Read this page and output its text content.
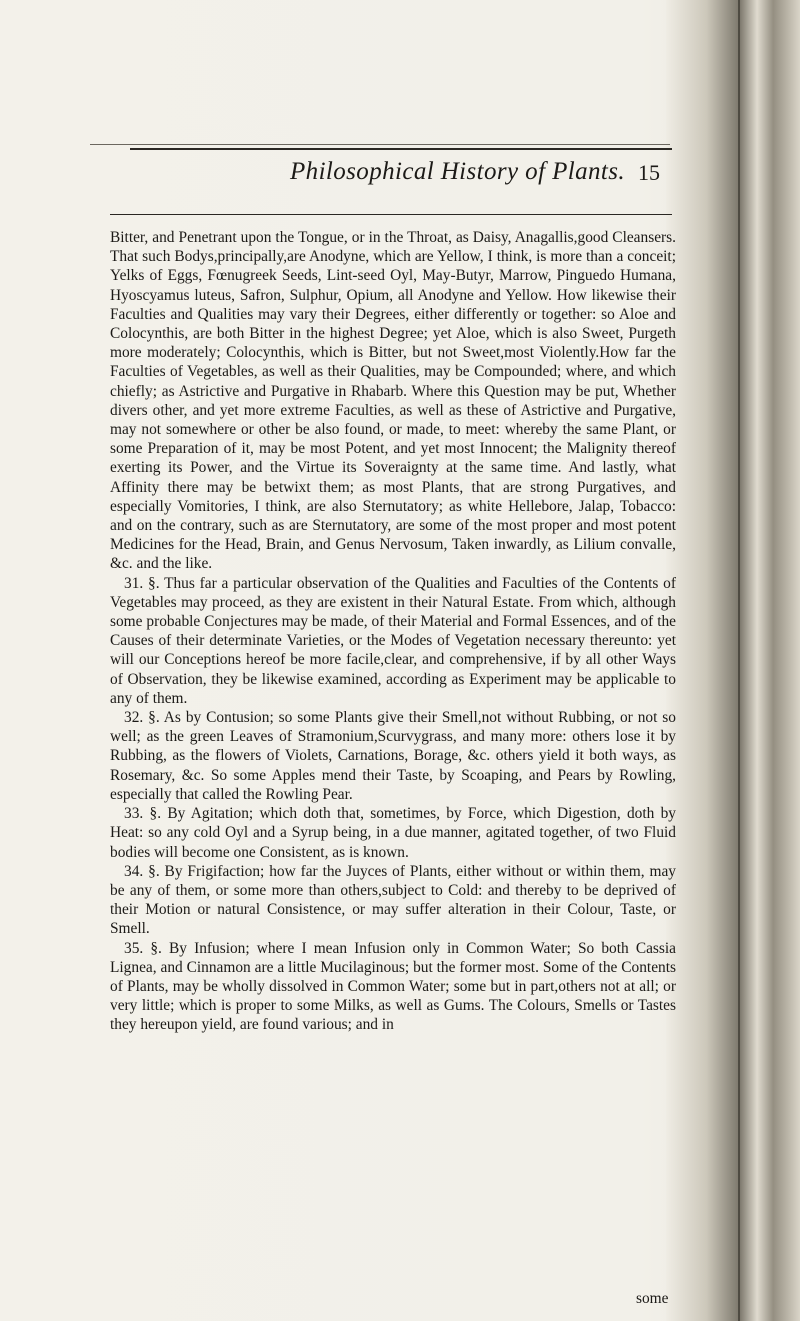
Philosophical History of Plants. 15

Bitter, and Penetrant upon the Tongue, or in the Throat, as Daisy, Anagallis,good Cleansers. That such Bodys,principally,are Anodyne, which are Yellow, I think, is more than a conceit; Yelks of Eggs, Fœnugreek Seeds, Lint-seed Oyl, May-Butyr, Marrow, Pinguedo Humana, Hyoscyamus luteus, Safron, Sulphur, Opium, all Anodyne and Yellow. How likewise their Faculties and Qualities may vary their Degrees, either differently or together: so Aloe and Colocynthis, are both Bitter in the highest Degree; yet Aloe, which is also Sweet, Purgeth more moderately; Colocynthis, which is Bitter, but not Sweet,most Violently.How far the Faculties of Vegetables, as well as their Qualities, may be Compounded; where, and which chiefly; as Astrictive and Purgative in Rhabarb. Where this Question may be put, Whether divers other, and yet more extreme Faculties, as well as these of Astrictive and Purgative, may not somewhere or other be also found, or made, to meet: whereby the same Plant, or some Preparation of it, may be most Potent, and yet most Innocent; the Malignity thereof exerting its Power, and the Virtue its Soveraignty at the same time. And lastly, what Affinity there may be betwixt them; as most Plants, that are strong Purgatives, and especially Vomitories, I think, are also Sternutatory; as white Hellebore, Jalap, Tobacco: and on the contrary, such as are Sternutatory, are some of the most proper and most potent Medicines for the Head, Brain, and Genus Nervosum, Taken inwardly, as Lilium convalle, &c. and the like.

31. §. Thus far a particular observation of the Qualities and Faculties of the Contents of Vegetables may proceed, as they are existent in their Natural Estate. From which, although some probable Conjectures may be made, of their Material and Formal Essences, and of the Causes of their determinate Varieties, or the Modes of Vegetation necessary thereunto: yet will our Conceptions hereof be more facile,clear, and comprehensive, if by all other Ways of Observation, they be likewise examined, according as Experiment may be applicable to any of them.

32. §. As by Contusion; so some Plants give their Smell,not without Rubbing, or not so well; as the green Leaves of Stramonium,Scurvygrass, and many more: others lose it by Rubbing, as the flowers of Violets, Carnations, Borage, &c. others yield it both ways, as Rosemary, &c. So some Apples mend their Taste, by Scoaping, and Pears by Rowling, especially that called the Rowling Pear.

33. §. By Agitation; which doth that, sometimes, by Force, which Digestion, doth by Heat: so any cold Oyl and a Syrup being, in a due manner, agitated together, of two Fluid bodies will become one Consistent, as is known.

34. §. By Frigifaction; how far the Juyces of Plants, either without or within them, may be any of them, or some more than others,subject to Cold: and thereby to be deprived of their Motion or natural Consistence, or may suffer alteration in their Colour, Taste, or Smell.

35. §. By Infusion; where I mean Infusion only in Common Water; So both Cassia Lignea, and Cinnamon are a little Mucilaginous; but the former most. Some of the Contents of Plants, may be wholly dissolved in Common Water; some but in part,others not at all; or very little; which is proper to some Milks, as well as Gums. The Colours, Smells or Tastes they hereupon yield, are found various; and in

some
